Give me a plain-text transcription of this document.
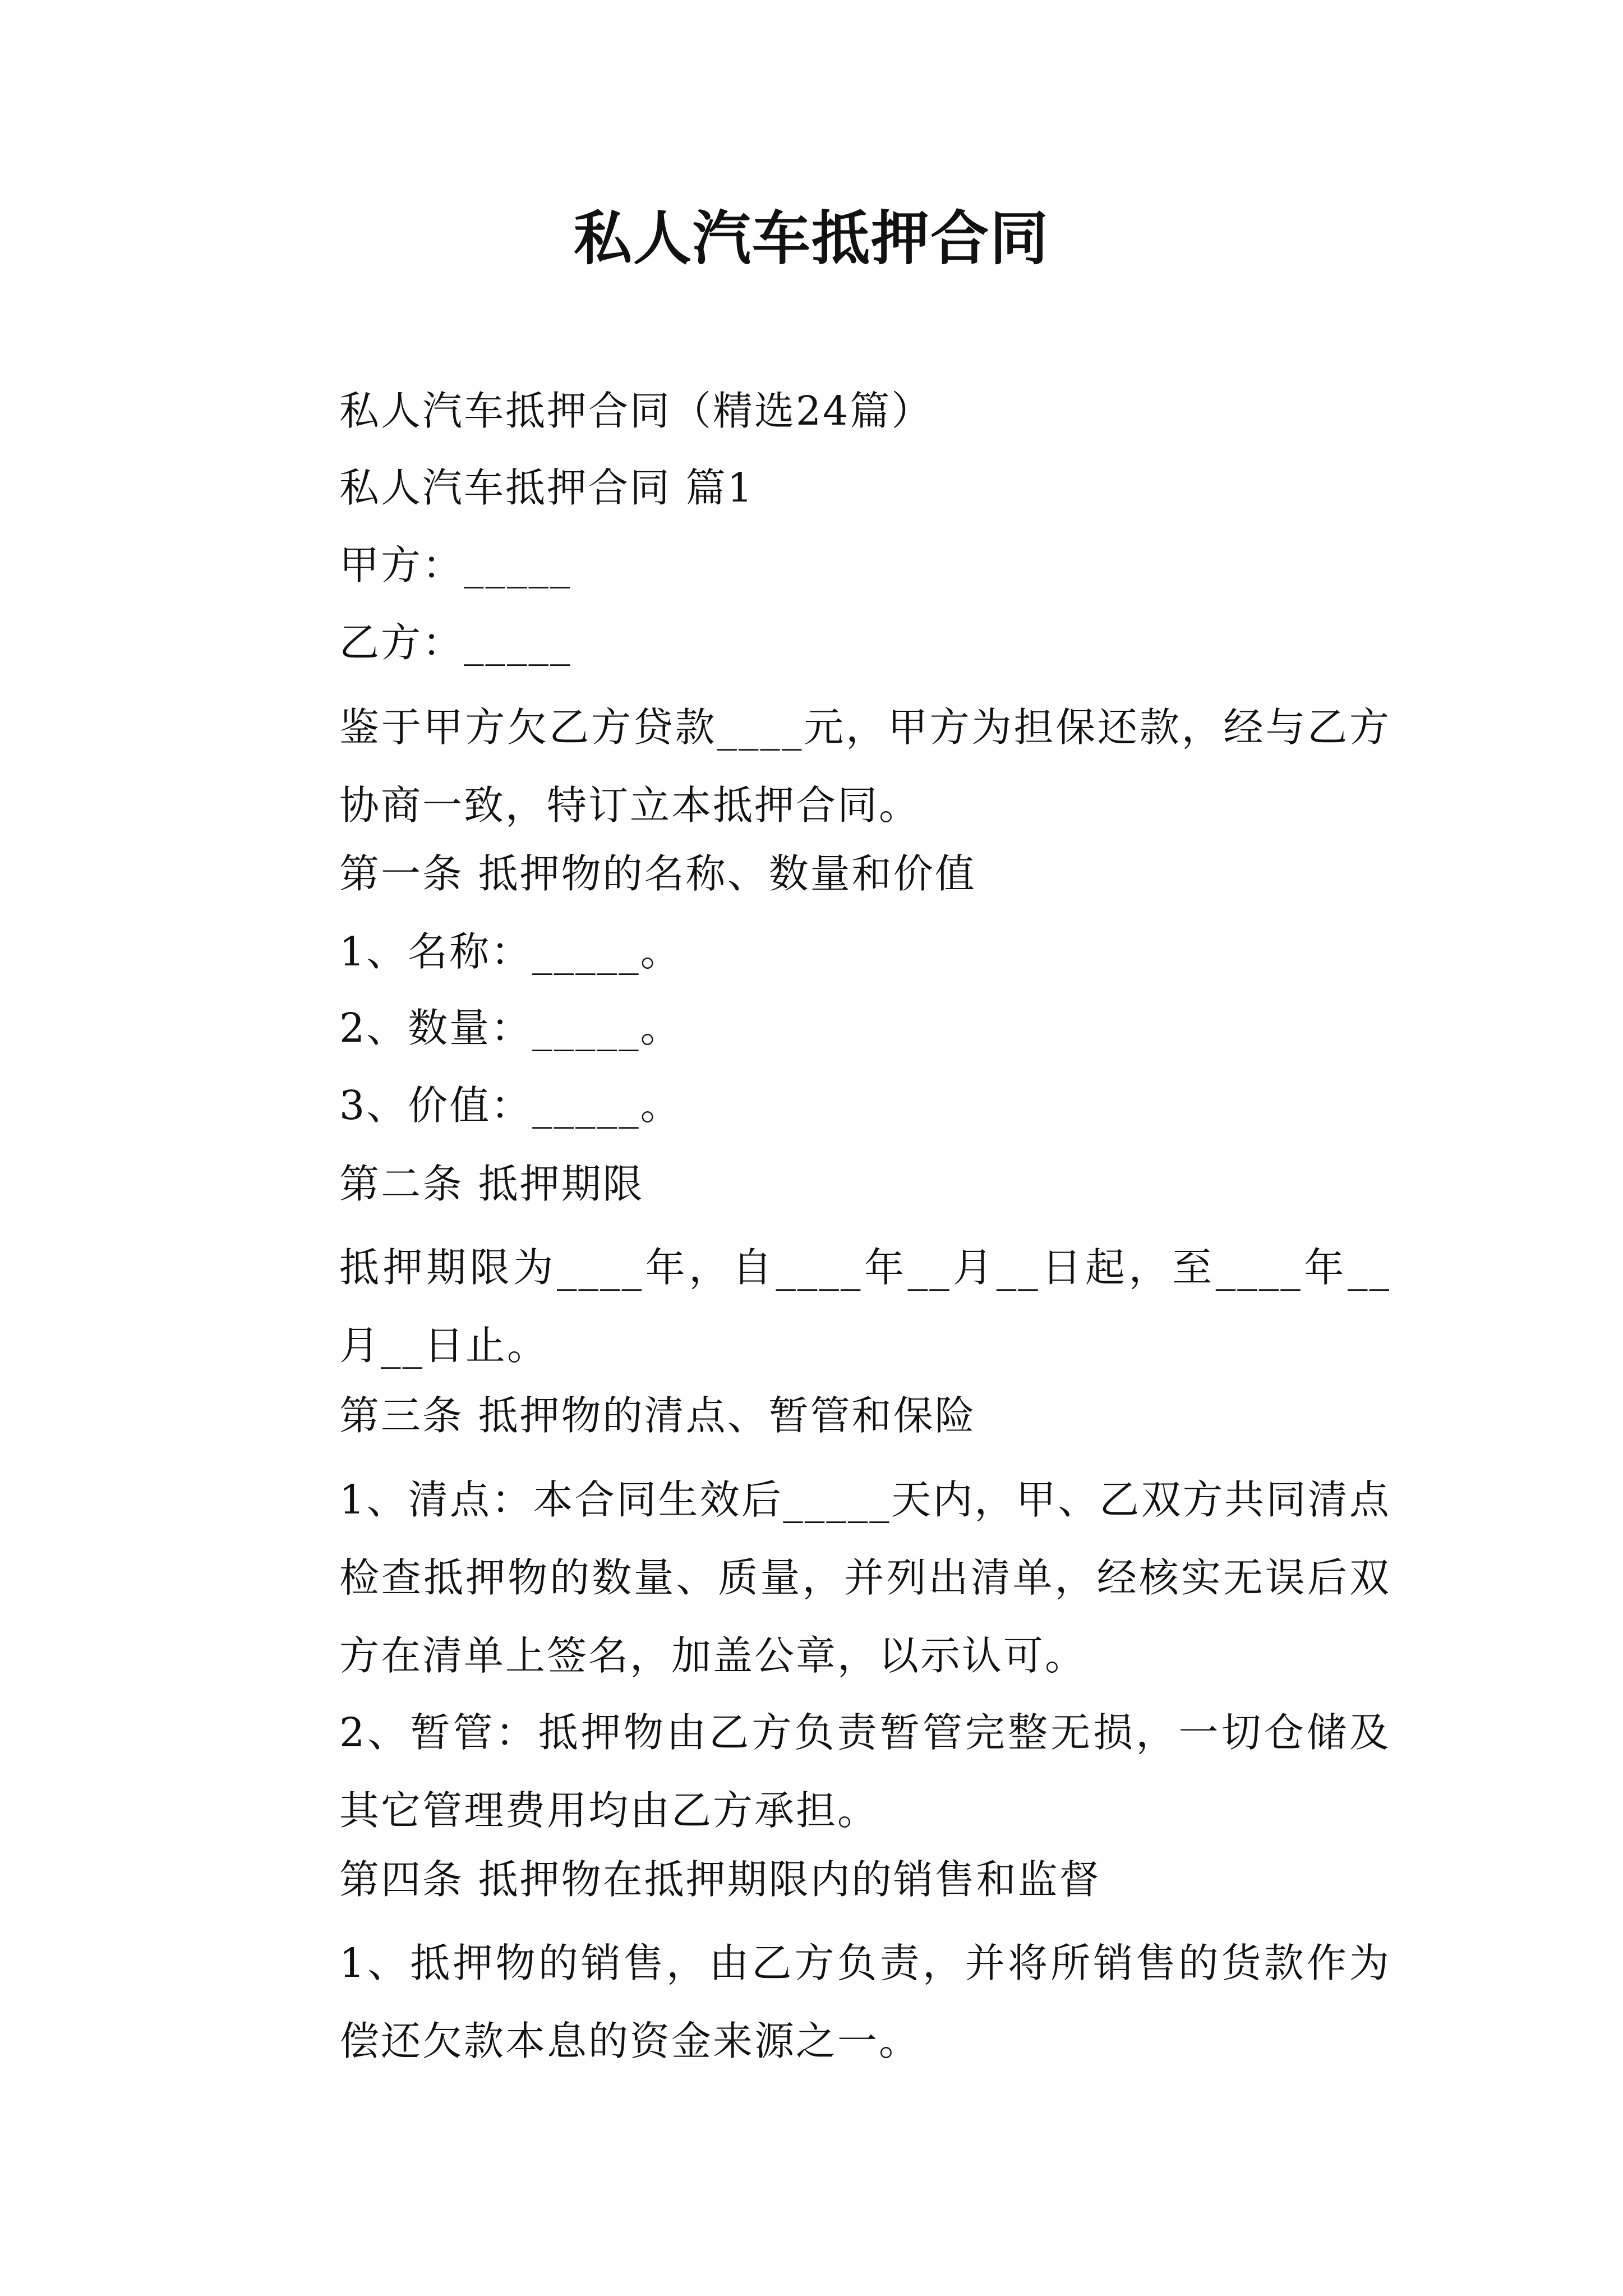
私人汽车抵押合同
私人汽车抵押合同（精选24篇）
私人汽车抵押合同 篇1
甲方：_____
乙方：_____
鉴于甲方欠乙方贷款____元，甲方为担保还款，经与乙方协商一致，特订立本抵押合同。
第一条 抵押物的名称、数量和价值
1、名称：_____。
2、数量：_____。
3、价值：_____。
第二条 抵押期限
抵押期限为____年，自____年__月__日起，至____年__月__日止。
第三条 抵押物的清点、暂管和保险
1、清点：本合同生效后_____天内，甲、乙双方共同清点检查抵押物的数量、质量，并列出清单，经核实无误后双方在清单上签名，加盖公章，以示认可。
2、暂管：抵押物由乙方负责暂管完整无损，一切仓储及其它管理费用均由乙方承担。
第四条 抵押物在抵押期限内的销售和监督
1、抵押物的销售，由乙方负责，并将所销售的货款作为偿还欠款本息的资金来源之一。
